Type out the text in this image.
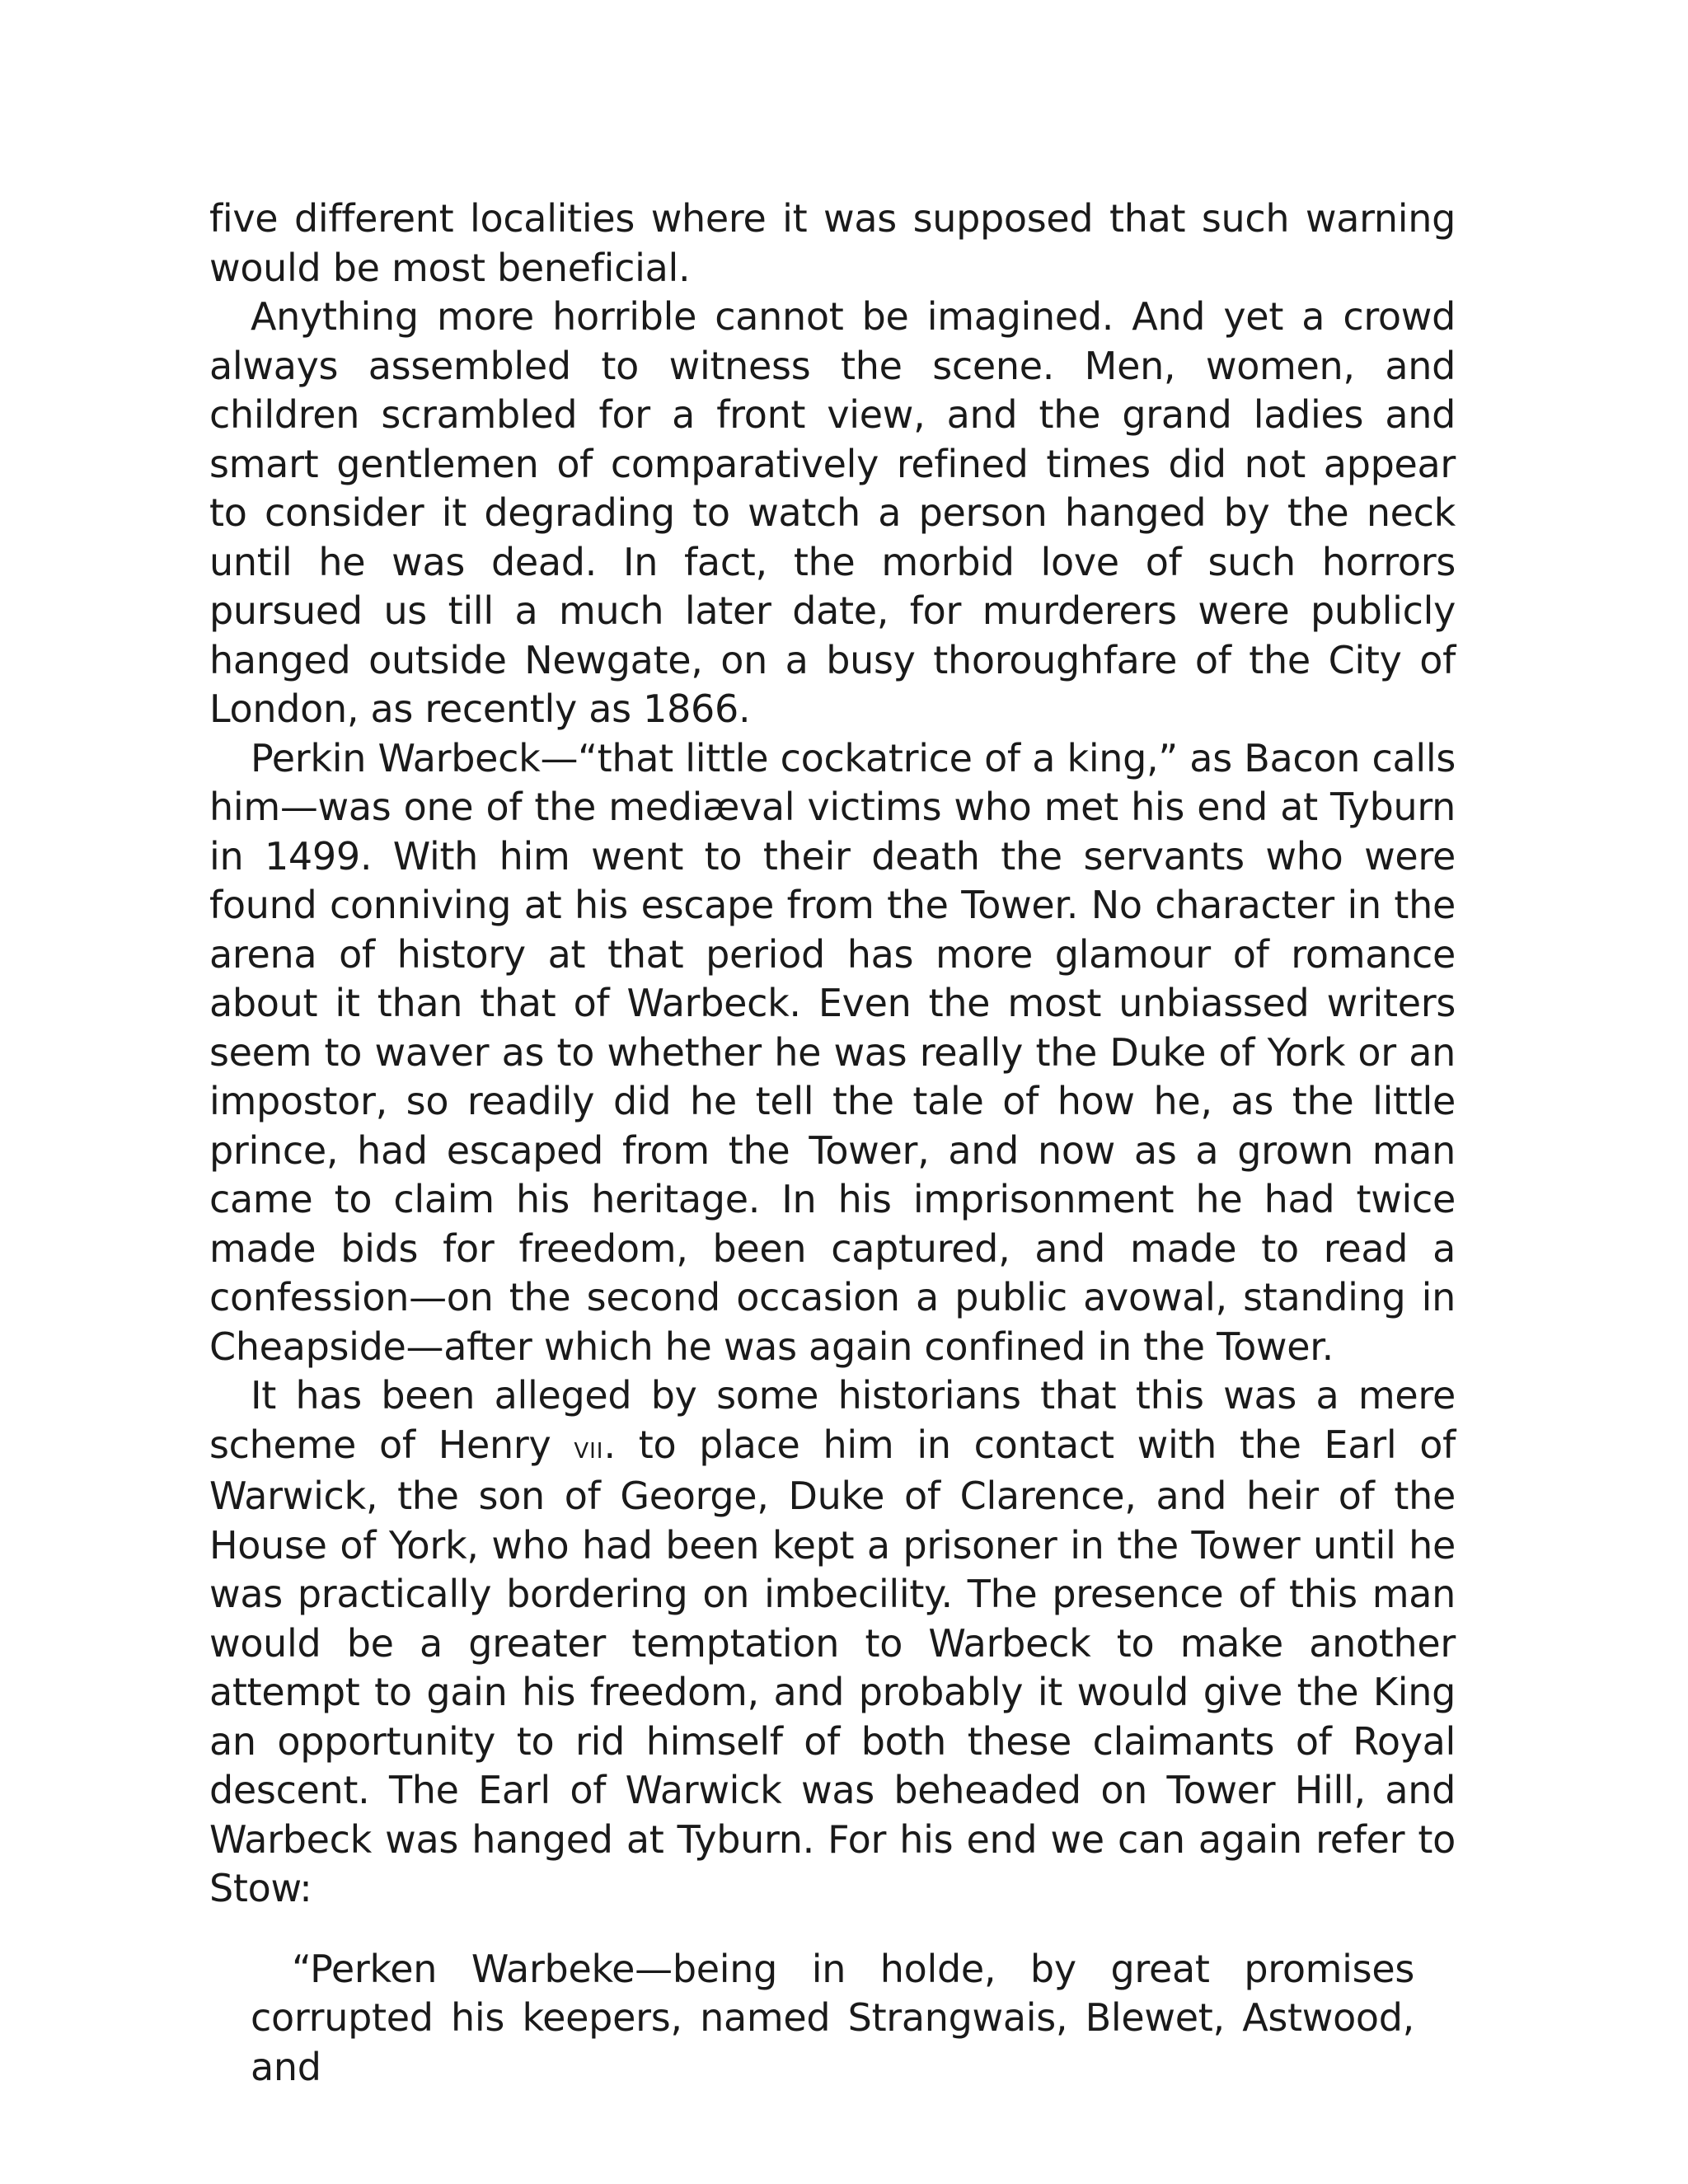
five different localities where it was supposed that such warning would be most beneficial.

Anything more horrible cannot be imagined. And yet a crowd always assembled to witness the scene. Men, women, and children scrambled for a front view, and the grand ladies and smart gentlemen of comparatively refined times did not appear to consider it degrading to watch a person hanged by the neck until he was dead. In fact, the morbid love of such horrors pursued us till a much later date, for murderers were publicly hanged outside Newgate, on a busy thoroughfare of the City of London, as recently as 1866.

Perkin Warbeck—“that little cockatrice of a king,” as Bacon calls him—was one of the mediæval victims who met his end at Tyburn in 1499. With him went to their death the servants who were found conniving at his escape from the Tower. No character in the arena of history at that period has more glamour of romance about it than that of Warbeck. Even the most unbiassed writers seem to waver as to whether he was really the Duke of York or an impostor, so readily did he tell the tale of how he, as the little prince, had escaped from the Tower, and now as a grown man came to claim his heritage. In his imprisonment he had twice made bids for freedom, been captured, and made to read a confession—on the second occasion a public avowal, standing in Cheapside—after which he was again confined in the Tower.

It has been alleged by some historians that this was a mere scheme of Henry vii. to place him in contact with the Earl of Warwick, the son of George, Duke of Clarence, and heir of the House of York, who had been kept a prisoner in the Tower until he was practically bordering on imbecility. The presence of this man would be a greater temptation to Warbeck to make another attempt to gain his freedom, and probably it would give the King an opportunity to rid himself of both these claimants of Royal descent. The Earl of Warwick was beheaded on Tower Hill, and Warbeck was hanged at Tyburn. For his end we can again refer to Stow:

“Perken Warbeke—being in holde, by great promises corrupted his keepers, named Strangwais, Blewet, Astwood, and
